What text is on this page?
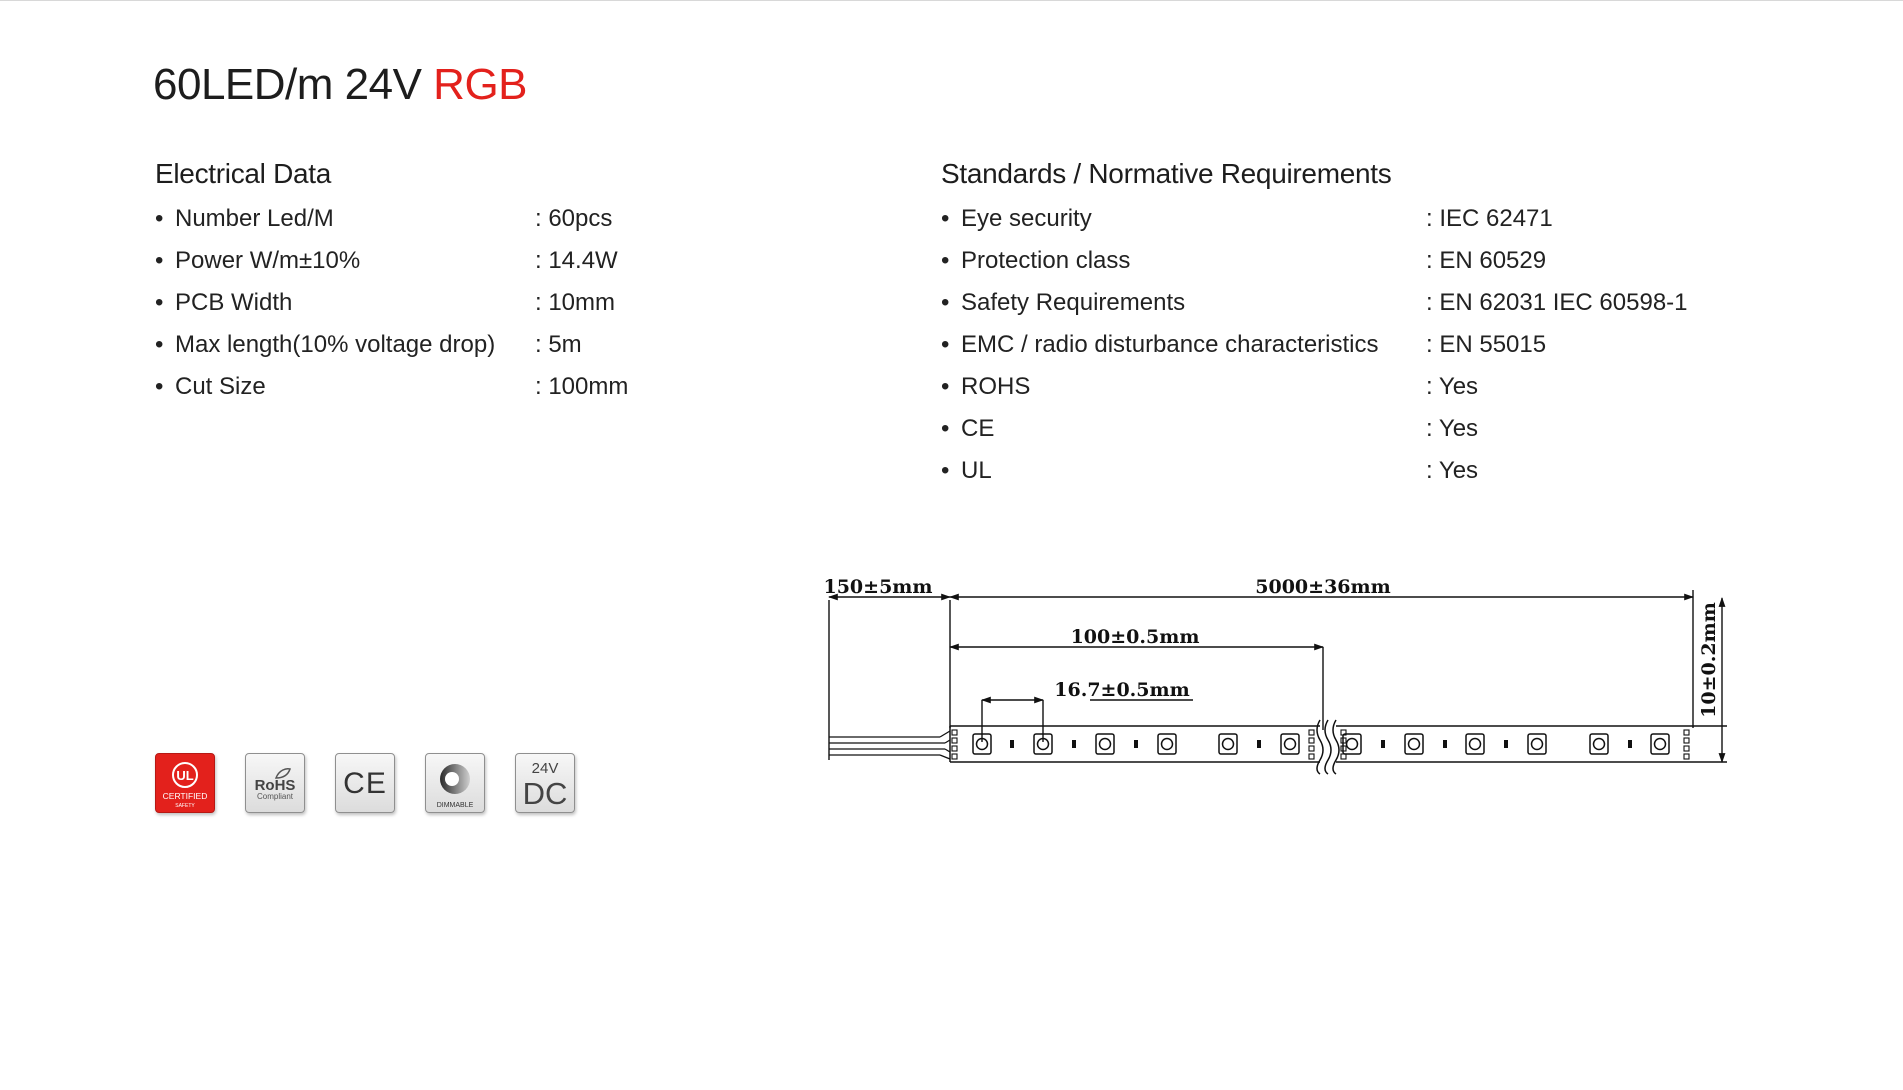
60LED/m 24V RGB
Electrical Data
• Number Led/M	: 60pcs
• Power W/m±10%	: 14.4W
• PCB Width	: 10mm
• Max length(10% voltage drop) : 5m
• Cut Size	: 100mm
Standards / Normative Requirements
• Eye security	: IEC 62471
• Protection class	: EN 60529
• Safety Requirements	: EN 62031 IEC 60598-1
• EMC / radio disturbance characteristics : EN 55015
• ROHS	: Yes
• CE	: Yes
• UL	: Yes
UL
CERTIFIED
SAFETY
RoHS
Compliant CE
DIMMABLE
24V
DC
150±5mm	5000±36mm
100±0.5mm
16.7±0.5mm	10±0.2mm
